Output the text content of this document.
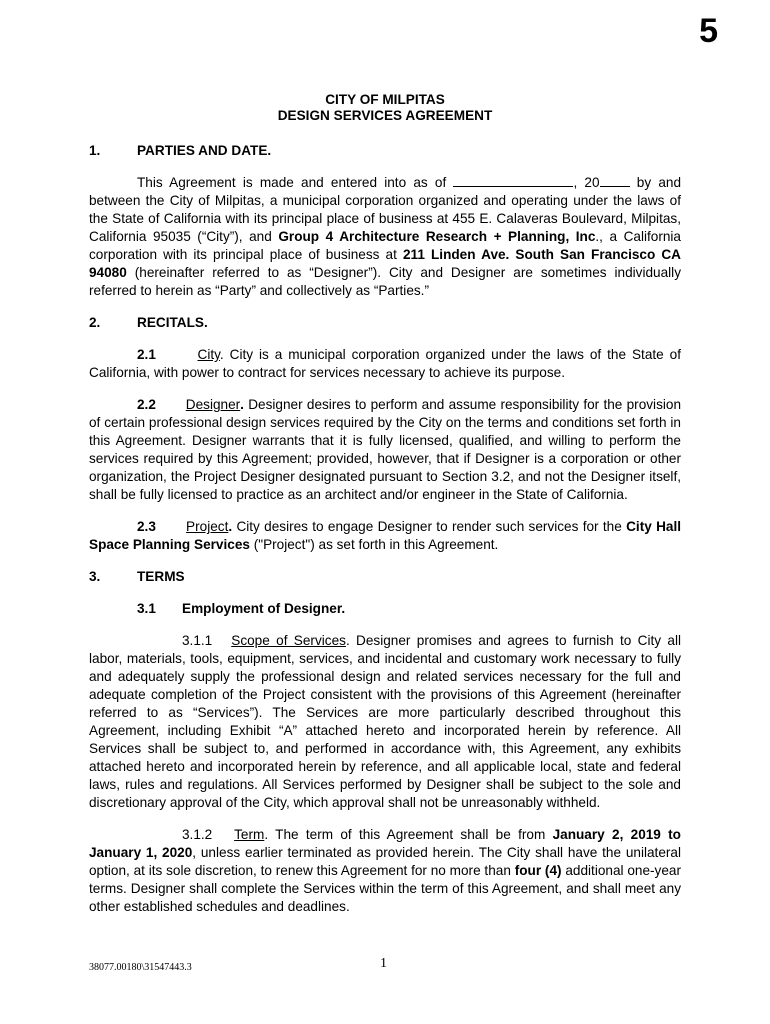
5
CITY OF MILPITAS
DESIGN SERVICES AGREEMENT
1.	PARTIES AND DATE.

This Agreement is made and entered into as of	, 20 by and between the City of Milpitas, a municipal corporation organized and operating under the laws of the State of California with its principal place of business at 455 E. Calaveras Boulevard, Milpitas, California 95035 (“City”), and Group 4 Architecture Research + Planning, Inc., a California corporation with its principal place of business at 211 Linden Ave. South San Francisco CA 94080 (hereinafter referred to as “Designer”). City and Designer are sometimes individually referred to herein as “Party” and collectively as “Parties.”

2.	RECITALS.

2.1	City. City is a municipal corporation organized under the laws of the State of California, with power to contract for services necessary to achieve its purpose.

2.2 Designer. Designer desires to perform and assume responsibility for the provision of certain professional design services required by the City on the terms and conditions set forth in this Agreement. Designer warrants that it is fully licensed, qualified, and willing to perform the services required by this Agreement; provided, however, that if Designer is a corporation or other organization, the Project Designer designated pursuant to Section 3.2, and not the Designer itself, shall be fully licensed to practice as an architect and/or engineer in the State of California.

2.3 Project. City desires to engage Designer to render such services for the City Hall Space Planning Services ("Project") as set forth in this Agreement.

3.	TERMS
3.1 Employment of Designer.

3.1.1 Scope of Services. Designer promises and agrees to furnish to City all labor, materials, tools, equipment, services, and incidental and customary work necessary to fully and adequately supply the professional design and related services necessary for the full and adequate completion of the Project consistent with the provisions of this Agreement (hereinafter referred to as “Services”). The Services are more particularly described throughout this Agreement, including Exhibit “A” attached hereto and incorporated herein by reference. All Services shall be subject to, and performed in accordance with, this Agreement, any exhibits attached hereto and incorporated herein by reference, and all applicable local, state and federal laws, rules and regulations. All Services performed by Designer shall be subject to the sole and discretionary approval of the City, which approval shall not be unreasonably withheld.

3.1.2 Term. The term of this Agreement shall be from January 2, 2019 to January 1, 2020, unless earlier terminated as provided herein. The City shall have the unilateral option, at its sole discretion, to renew this Agreement for no more than four (4) additional one-year terms. Designer shall complete the Services within the term of this Agreement, and shall meet any other established schedules and deadlines.

38077.00180\31547443.3	1
